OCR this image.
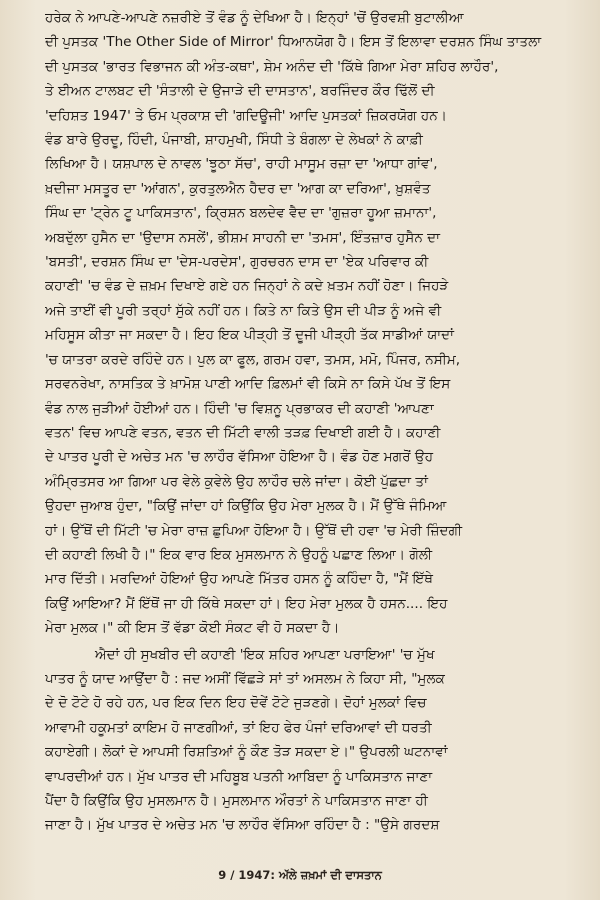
ਹਰੇਕ ਨੇ ਆਪਣੇ-ਆਪਣੇ ਨਜ਼ਰੀਏ ਤੋਂ ਵੰਡ ਨੂੰ ਦੇਖਿਆ ਹੈ। ਇਨ੍ਹਾਂ 'ਚੋਂ ਉਰਵਸ਼ੀ ਬੁਟਾਲੀਆ
ਦੀ ਪੁਸਤਕ 'The Other Side of Mirror' ਧਿਆਨਯੋਗ ਹੈ। ਇਸ ਤੋਂ ਇਲਾਵਾ ਦਰਸ਼ਨ ਸਿੰਘ ਤਾਤਲਾ
ਦੀ ਪੁਸਤਕ 'ਭਾਰਤ ਵਿਭਾਜਨ ਕੀ ਅੰਤ-ਕਥਾ', ਸ਼ੇਮ ਅਨੰਦ ਦੀ 'ਕਿੱਥੇ ਗਿਆ ਮੇਰਾ ਸ਼ਹਿਰ ਲਾਹੌਰ',
ਤੇ ਈਅਨ ਟਾਲਬਟ ਦੀ 'ਸੰਤਾਲੀ ਦੇ ਉਜਾੜੇ ਦੀ ਦਾਸਤਾਨ', ਬਰਜਿੰਦਰ ਕੌਰ ਢਿੱਲੋਂ ਦੀ
'ਦਹਿਸ਼ਤ 1947' ਤੇ ਓਮ ਪ੍ਰਕਾਸ਼ ਦੀ 'ਗਦਿਊਜੀ' ਆਦਿ ਪੁਸਤਕਾਂ ਜ਼ਿਕਰਯੋਗ ਹਨ।
ਵੰਡ ਬਾਰੇ ਉਰਦੂ, ਹਿੰਦੀ, ਪੰਜਾਬੀ, ਸ਼ਾਹਮੁਖੀ, ਸਿੰਧੀ ਤੇ ਬੰਗਲਾ ਦੇ ਲੇਖਕਾਂ ਨੇ ਕਾਫ਼ੀ
ਲਿਖਿਆ ਹੈ। ਯਸ਼ਪਾਲ ਦੇ ਨਾਵਲ 'ਝੂਠਾ ਸੱਚ', ਰਾਹੀ ਮਾਸੂਮ ਰਜ਼ਾ ਦਾ 'ਆਧਾ ਗਾਂਵ',
ਖ਼ਦੀਜਾ ਮਸਤੂਰ ਦਾ 'ਆਂਗਨ', ਕੁਰਤੁਲਐਨ ਹੈਦਰ ਦਾ 'ਆਗ ਕਾ ਦਰਿਆ', ਖ਼ੁਸ਼ਵੰਤ
ਸਿੰਘ ਦਾ 'ਟ੍ਰੇਨ ਟੂ ਪਾਕਿਸਤਾਨ', ਕ੍ਰਿਸ਼ਨ ਬਲਦੇਵ ਵੈਦ ਦਾ 'ਗੁਜ਼ਰਾ ਹੂਆ ਜ਼ਮਾਨਾ',
ਅਬਦੁੱਲਾ ਹੁਸੈਨ ਦਾ 'ਉਦਾਸ ਨਸਲੇਂ', ਭੀਸ਼ਮ ਸਾਹਨੀ ਦਾ 'ਤਮਸ', ਇੰਤਜ਼ਾਰ ਹੁਸੈਨ ਦਾ
'ਬਸਤੀ', ਦਰਸ਼ਨ ਸਿੰਘ ਦਾ 'ਦੇਸ-ਪਰਦੇਸ', ਗੁਰਚਰਨ ਦਾਸ ਦਾ 'ਏਕ ਪਰਿਵਾਰ ਕੀ
ਕਹਾਣੀ' 'ਚ ਵੰਡ ਦੇ ਜ਼ਖ਼ਮ ਦਿਖਾਏ ਗਏ ਹਨ ਜਿਨ੍ਹਾਂ ਨੇ ਕਦੇ ਖ਼ਤਮ ਨਹੀਂ ਹੋਣਾ। ਜਿਹੜੇ
ਅਜੇ ਤਾਈਂ ਵੀ ਪੂਰੀ ਤਰ੍ਹਾਂ ਸੁੱਕੇ ਨਹੀਂ ਹਨ। ਕਿਤੇ ਨਾ ਕਿਤੇ ਉਸ ਦੀ ਪੀੜ ਨੂੰ ਅਜੇ ਵੀ
ਮਹਿਸੂਸ ਕੀਤਾ ਜਾ ਸਕਦਾ ਹੈ। ਇਹ ਇਕ ਪੀੜ੍ਹੀ ਤੋਂ ਦੂਜੀ ਪੀੜ੍ਹੀ ਤੱਕ ਸਾਡੀਆਂ ਯਾਦਾਂ
'ਚ ਯਾਤਰਾ ਕਰਦੇ ਰਹਿੰਦੇ ਹਨ। ਪੁਲ ਕਾ ਫੂਲ, ਗਰਮ ਹਵਾ, ਤਮਸ, ਮਮੋ, ਪਿੰਜਰ, ਨਸੀਮ,
ਸਰਵਨਰੇਖਾ, ਨਾਸਤਿਕ ਤੇ ਖ਼ਾਮੋਸ਼ ਪਾਣੀ ਆਦਿ ਫ਼ਿਲਮਾਂ ਵੀ ਕਿਸੇ ਨਾ ਕਿਸੇ ਪੱਖ ਤੋਂ ਇਸ
ਵੰਡ ਨਾਲ ਜੁੜੀਆਂ ਹੋਈਆਂ ਹਨ। ਹਿੰਦੀ 'ਚ ਵਿਸ਼ਨੂ ਪ੍ਰਭਾਕਰ ਦੀ ਕਹਾਣੀ 'ਆਪਣਾ
ਵਤਨ' ਵਿਚ ਆਪਣੇ ਵਤਨ, ਵਤਨ ਦੀ ਮਿੱਟੀ ਵਾਲੀ ਤੜਫ਼ ਦਿਖਾਈ ਗਈ ਹੈ। ਕਹਾਣੀ
ਦੇ ਪਾਤਰ ਪੂਰੀ ਦੇ ਅਚੇਤ ਮਨ 'ਚ ਲਾਹੌਰ ਵੱਸਿਆ ਹੋਇਆ ਹੈ। ਵੰਡ ਹੋਣ ਮਗਰੋਂ ਉਹ
ਅੰਮ੍ਰਿਤਸਰ ਆ ਗਿਆ ਪਰ ਵੇਲੇ ਕੁਵੇਲੇ ਉਹ ਲਾਹੌਰ ਚਲੇ ਜਾਂਦਾ। ਕੋਈ ਪੁੱਛਦਾ ਤਾਂ
ਉਹਦਾ ਜੁਆਬ ਹੁੰਦਾ, "ਕਿਉਂ ਜਾਂਦਾ ਹਾਂ ਕਿਉਂਕਿ ਉਹ ਮੇਰਾ ਮੁਲਕ ਹੈ। ਮੈਂ ਉੱਥੇ ਜੰਮਿਆ
ਹਾਂ। ਉੱਥੋਂ ਦੀ ਮਿੱਟੀ 'ਚ ਮੇਰਾ ਰਾਜ਼ ਛੁਪਿਆ ਹੋਇਆ ਹੈ। ਉੱਥੋਂ ਦੀ ਹਵਾ 'ਚ ਮੇਰੀ ਜ਼ਿੰਦਗੀ
ਦੀ ਕਹਾਣੀ ਲਿਖੀ ਹੈ।" ਇਕ ਵਾਰ ਇਕ ਮੁਸਲਮਾਨ ਨੇ ਉਹਨੂੰ ਪਛਾਣ ਲਿਆ। ਗੋਲੀ
ਮਾਰ ਦਿੱਤੀ। ਮਰਦਿਆਂ ਹੋਇਆਂ ਉਹ ਆਪਣੇ ਮਿੱਤਰ ਹਸਨ ਨੂੰ ਕਹਿੰਦਾ ਹੈ, "ਮੈਂ ਇੱਥੇ
ਕਿਉਂ ਆਇਆ? ਮੈਂ ਇੱਥੋਂ ਜਾ ਹੀ ਕਿੱਥੇ ਸਕਦਾ ਹਾਂ। ਇਹ ਮੇਰਾ ਮੁਲਕ ਹੈ ਹਸਨ.... ਇਹ
ਮੇਰਾ ਮੁਲਕ।" ਕੀ ਇਸ ਤੋਂ ਵੱਡਾ ਕੋਈ ਸੰਕਟ ਵੀ ਹੋ ਸਕਦਾ ਹੈ।
ਐਦਾਂ ਹੀ ਸੁਖਬੀਰ ਦੀ ਕਹਾਣੀ 'ਇਕ ਸ਼ਹਿਰ ਆਪਣਾ ਪਰਾਇਆ' 'ਚ ਮੁੱਖ
ਪਾਤਰ ਨੂੰ ਯਾਦ ਆਉਂਦਾ ਹੈ : ਜਦ ਅਸੀਂ ਵਿੱਛੜੇ ਸਾਂ ਤਾਂ ਅਸਲਮ ਨੇ ਕਿਹਾ ਸੀ, "ਮੁਲਕ
ਦੇ ਦੋ ਟੋਟੇ ਹੋ ਰਹੇ ਹਨ, ਪਰ ਇਕ ਦਿਨ ਇਹ ਦੋਵੇਂ ਟੋਟੇ ਜੁੜਣਗੇ। ਦੋਹਾਂ ਮੁਲਕਾਂ ਵਿਚ
ਆਵਾਮੀ ਹਕੂਮਤਾਂ ਕਾਇਮ ਹੋ ਜਾਣਗੀਆਂ, ਤਾਂ ਇਹ ਫੇਰ ਪੰਜਾਂ ਦਰਿਆਵਾਂ ਦੀ ਧਰਤੀ
ਕਹਾਏਗੀ। ਲੋਕਾਂ ਦੇ ਆਪਸੀ ਰਿਸ਼ਤਿਆਂ ਨੂੰ ਕੌਣ ਤੋੜ ਸਕਦਾ ਏ।" ਉਪਰਲੀ ਘਟਨਾਵਾਂ
ਵਾਪਰਦੀਆਂ ਹਨ। ਮੁੱਖ ਪਾਤਰ ਦੀ ਮਹਿਬੂਬ ਪਤਨੀ ਆਬਿਦਾ ਨੂੰ ਪਾਕਿਸਤਾਨ ਜਾਣਾ
ਪੈਂਦਾ ਹੈ ਕਿਉਂਕਿ ਉਹ ਮੁਸਲਮਾਨ ਹੈ। ਮੁਸਲਮਾਨ ਔਰਤਾਂ ਨੇ ਪਾਕਿਸਤਾਨ ਜਾਣਾ ਹੀ
ਜਾਣਾ ਹੈ। ਮੁੱਖ ਪਾਤਰ ਦੇ ਅਚੇਤ ਮਨ 'ਚ ਲਾਹੌਰ ਵੱਸਿਆ ਰਹਿੰਦਾ ਹੈ : "ਉਸੇ ਗਰਦਸ਼
9 / 1947: ਅੱਲੇ ਜ਼ਖ਼ਮਾਂ ਦੀ ਦਾਸਤਾਨ
